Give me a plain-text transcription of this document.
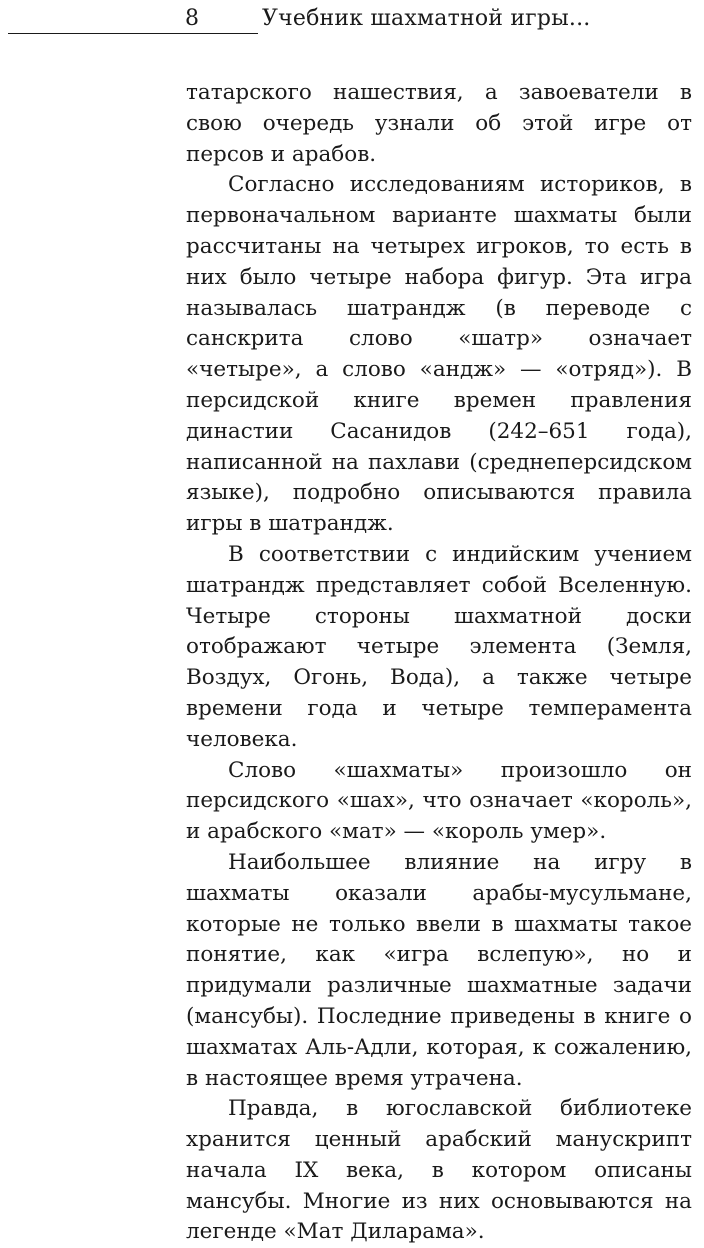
8	Учебник шахматной игры...

татарского нашествия, а завоеватели в свою очередь узнали об этой игре от персов и арабов.

Согласно исследованиям историков, в первоначальном варианте шахматы были рассчитаны на четырех игроков, то есть в них было четыре набора фигур. Эта игра называлась шатрандж (в переводе с санскрита слово «шатр» означает «четыре», а слово «андж» — «отряд»). В персидской книге времен правления династии Сасанидов (242–651 года), написанной на пахлави (среднеперсидском языке), подробно описываются правила игры в шатрандж.

В соответствии с индийским учением шатрандж представляет собой Вселенную. Четыре стороны шахматной доски отображают четыре элемента (Земля, Воздух, Огонь, Вода), а также четыре времени года и четыре темперамента человека.

Слово «шахматы» произошло он персидского «шах», что означает «король», и арабского «мат» — «король умер».

Наибольшее влияние на игру в шахматы оказали арабы-мусульмане, которые не только ввели в шахматы такое понятие, как «игра вслепую», но и придумали различные шахматные задачи (мансубы). Последние приведены в книге о шахматах Аль-Адли, которая, к сожалению, в настоящее время утрачена.

Правда, в югославской библиотеке хранится ценный арабский манускрипт начала IX века, в котором описаны мансубы. Многие из них основываются на легенде «Мат Диларама».
